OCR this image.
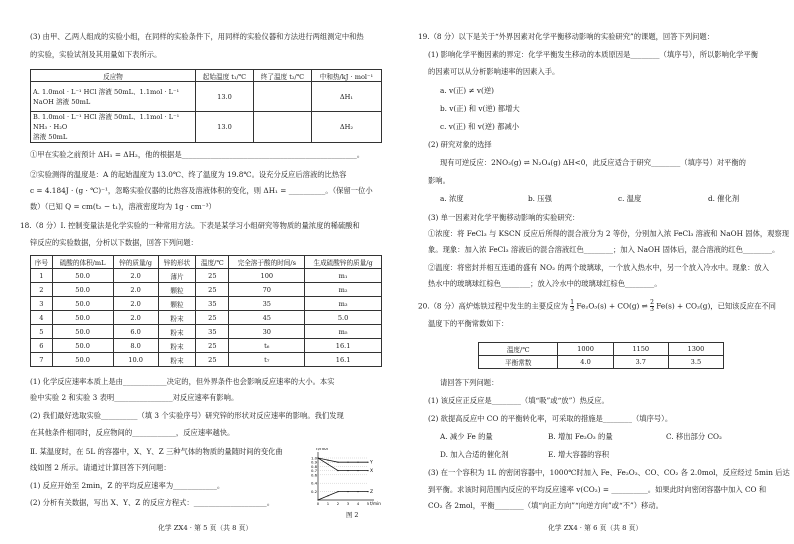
(3) 由甲、乙两人组成的实验小组，在同样的实验条件下，用同样的实验仪器和方法进行两组测定中和热
的实验，实验试剂及其用量如下表所示。
反应物	起始温度 t₁/℃	终了温度 t₂/℃	中和热/kJ · mol⁻¹
A. 1.0mol · L⁻¹ HCl 溶液 50mL、1.1mol · L⁻¹
NaOH 溶液 50mL	13.0		ΔH₁
B. 1.0mol · L⁻¹ HCl 溶液 50mL、1.1mol · L⁻¹ NH₃ · H₂O
溶液 50mL	13.0		ΔH₂
①甲在实验之前预计 ΔH₁ = ΔH₂，他的根据是________________________________________________。
②实验测得的温度是：A 的起始温度为 13.0℃、终了温度为 19.8℃。设充分反应后溶液的比热容
c = 4.184J · (g · ℃)⁻¹，忽略实验仪器的比热容及溶液体积的变化，则 ΔH₁ = __________。（保留一位小
数）（已知 Q = cm(t₂ − t₁)，溶液密度均为 1g · cm⁻³）
18.（8 分）Ⅰ. 控制变量法是化学实验的一种常用方法。下表是某学习小组研究等物质的量浓度的稀硫酸和
锌反应的实验数据，分析以下数据，回答下列问题：
序号	硫酸的体积/mL	锌的质量/g	锌的形状	温度/℃	完全溶于酸的时间/s	生成硫酸锌的质量/g
1	50.0	2.0	薄片	25	100	m₁
2	50.0	2.0	颗粒	25	70	m₂
3	50.0	2.0	颗粒	35	35	m₃
4	50.0	2.0	粉末	25	45	5.0
5	50.0	6.0	粉末	35	30	m₅
6	50.0	8.0	粉末	25	t₆	16.1
7	50.0	10.0	粉末	25	t₇	16.1
(1) 化学反应速率本质上是由____________决定的，但外界条件也会影响反应速率的大小。本实
验中实验 2 和实验 3 表明________________对反应速率有影响。
(2) 我们最好选取实验__________（填 3 个实验序号）研究锌的形状对反应速率的影响。我们发现
在其他条件相同时，反应物间的____________，反应速率越快。
Ⅱ. 某温度时，在 5L 的容器中，X、Y、Z 三种气体的物质的量随时间的变化曲
线如图 2 所示。请通过计算回答下列问题：
(1) 反应开始至 2min，Z 的平均反应速率为____________。
(2) 分析有关数据，写出 X、Y、Z 的反应方程式：____________________。
0.2
0.4
0.6
0.7
0.8
0.9
1.0
0 1 2 3 4 5
n/mol
t/min
Y
X
Z
图 2
化学 ZX4 · 第 5 页（共 8 页）
19.（8 分）以下是关于“外界因素对化学平衡移动影响的实验研究”的课题，回答下列问题：
(1) 影响化学平衡因素的界定：化学平衡发生移动的本质原因是________（填序号），所以影响化学平衡
的因素可以从分析影响速率的因素入手。
a. v(正) ≠ v(逆)
b. v(正) 和 v(逆) 都增大
c. v(正) 和 v(逆) 都减小
(2) 研究对象的选择
现有可逆反应：2NO₂(g) ⇌ N₂O₄(g) ΔH<0，此反应适合于研究________（填序号）对平衡的
影响。
a. 浓度	b. 压强	c. 温度	d. 催化剂
(3) 单一因素对化学平衡移动影响的实验研究：
①浓度：将 FeCl₃ 与 KSCN 反应后所得的混合液分为 2 等份，分别加入浓 FeCl₃ 溶液和 NaOH 固体，观察现
象。现象：加入浓 FeCl₃ 溶液后的混合溶液红色________；加入 NaOH 固体后，混合溶液的红色________。
②温度：将密封并相互连通的盛有 NO₂ 的两个玻璃球，一个放入热水中，另一个放入冷水中。现象：放入
热水中的玻璃球红棕色________；放入冷水中的玻璃球红棕色________。
20.（8 分）高炉炼铁过程中发生的主要反应为 $\frac{1}{3} Fe_2O_3(s) + CO(g)$ ⇌ $\frac{2}{3} Fe(s) + CO_2(g)$，已知该反应在不同
温度下的平衡常数如下：
温度/℃	1000	1150	1300
平衡常数	4.0	3.7	3.5
请回答下列问题：
(1) 该反应正反应是________（填“吸”或“放”）热反应。
(2) 欲提高反应中 CO 的平衡转化率，可采取的措施是________（填序号）。
A. 减少 Fe 的量	B. 增加 Fe₂O₃ 的量	C. 移出部分 CO₂
D. 加入合适的催化剂	E. 增大容器的容积
(3) 在一个容积为 1L 的密闭容器中，1000℃时加入 Fe、Fe₂O₃、CO、CO₂ 各 2.0mol，反应经过 5min 后达
到平衡。求该时间范围内反应的平均反应速率 v(CO₂) = __________。如果此时向密闭容器中加入 CO 和
CO₂ 各 2mol，平衡________（填“向正方向”“向逆方向”或“不”）移动。
化学 ZX4 · 第 6 页（共 8 页）
